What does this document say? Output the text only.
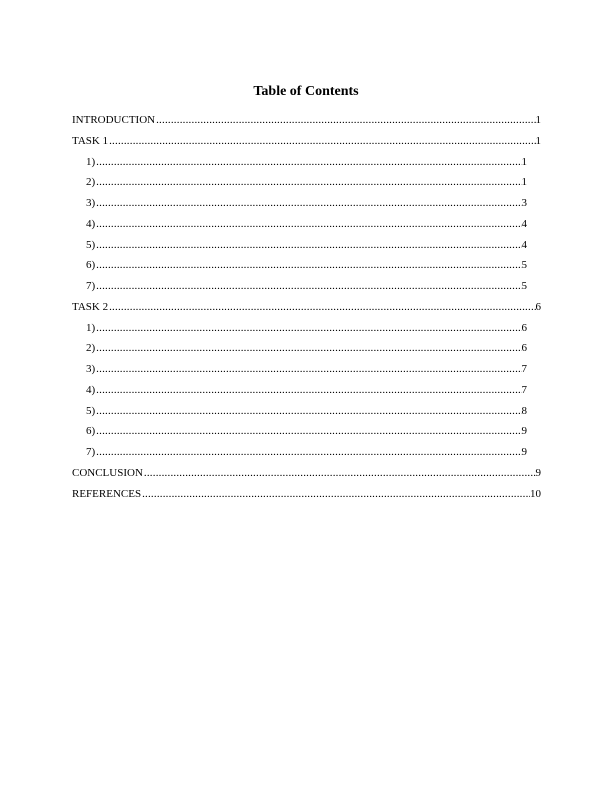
Table of Contents
INTRODUCTION .....	1
TASK 1 .....	1
1) .....	1
2) .....	1
3) .....	3
4) .....	4
5) .....	4
6) .....	5
7) .....	5
TASK 2 .....	6
1) .....	6
2) .....	6
3) .....	7
4) .....	7
5) .....	8
6) .....	9
7) .....	9
CONCLUSION .....	9
REFERENCES .....	10
